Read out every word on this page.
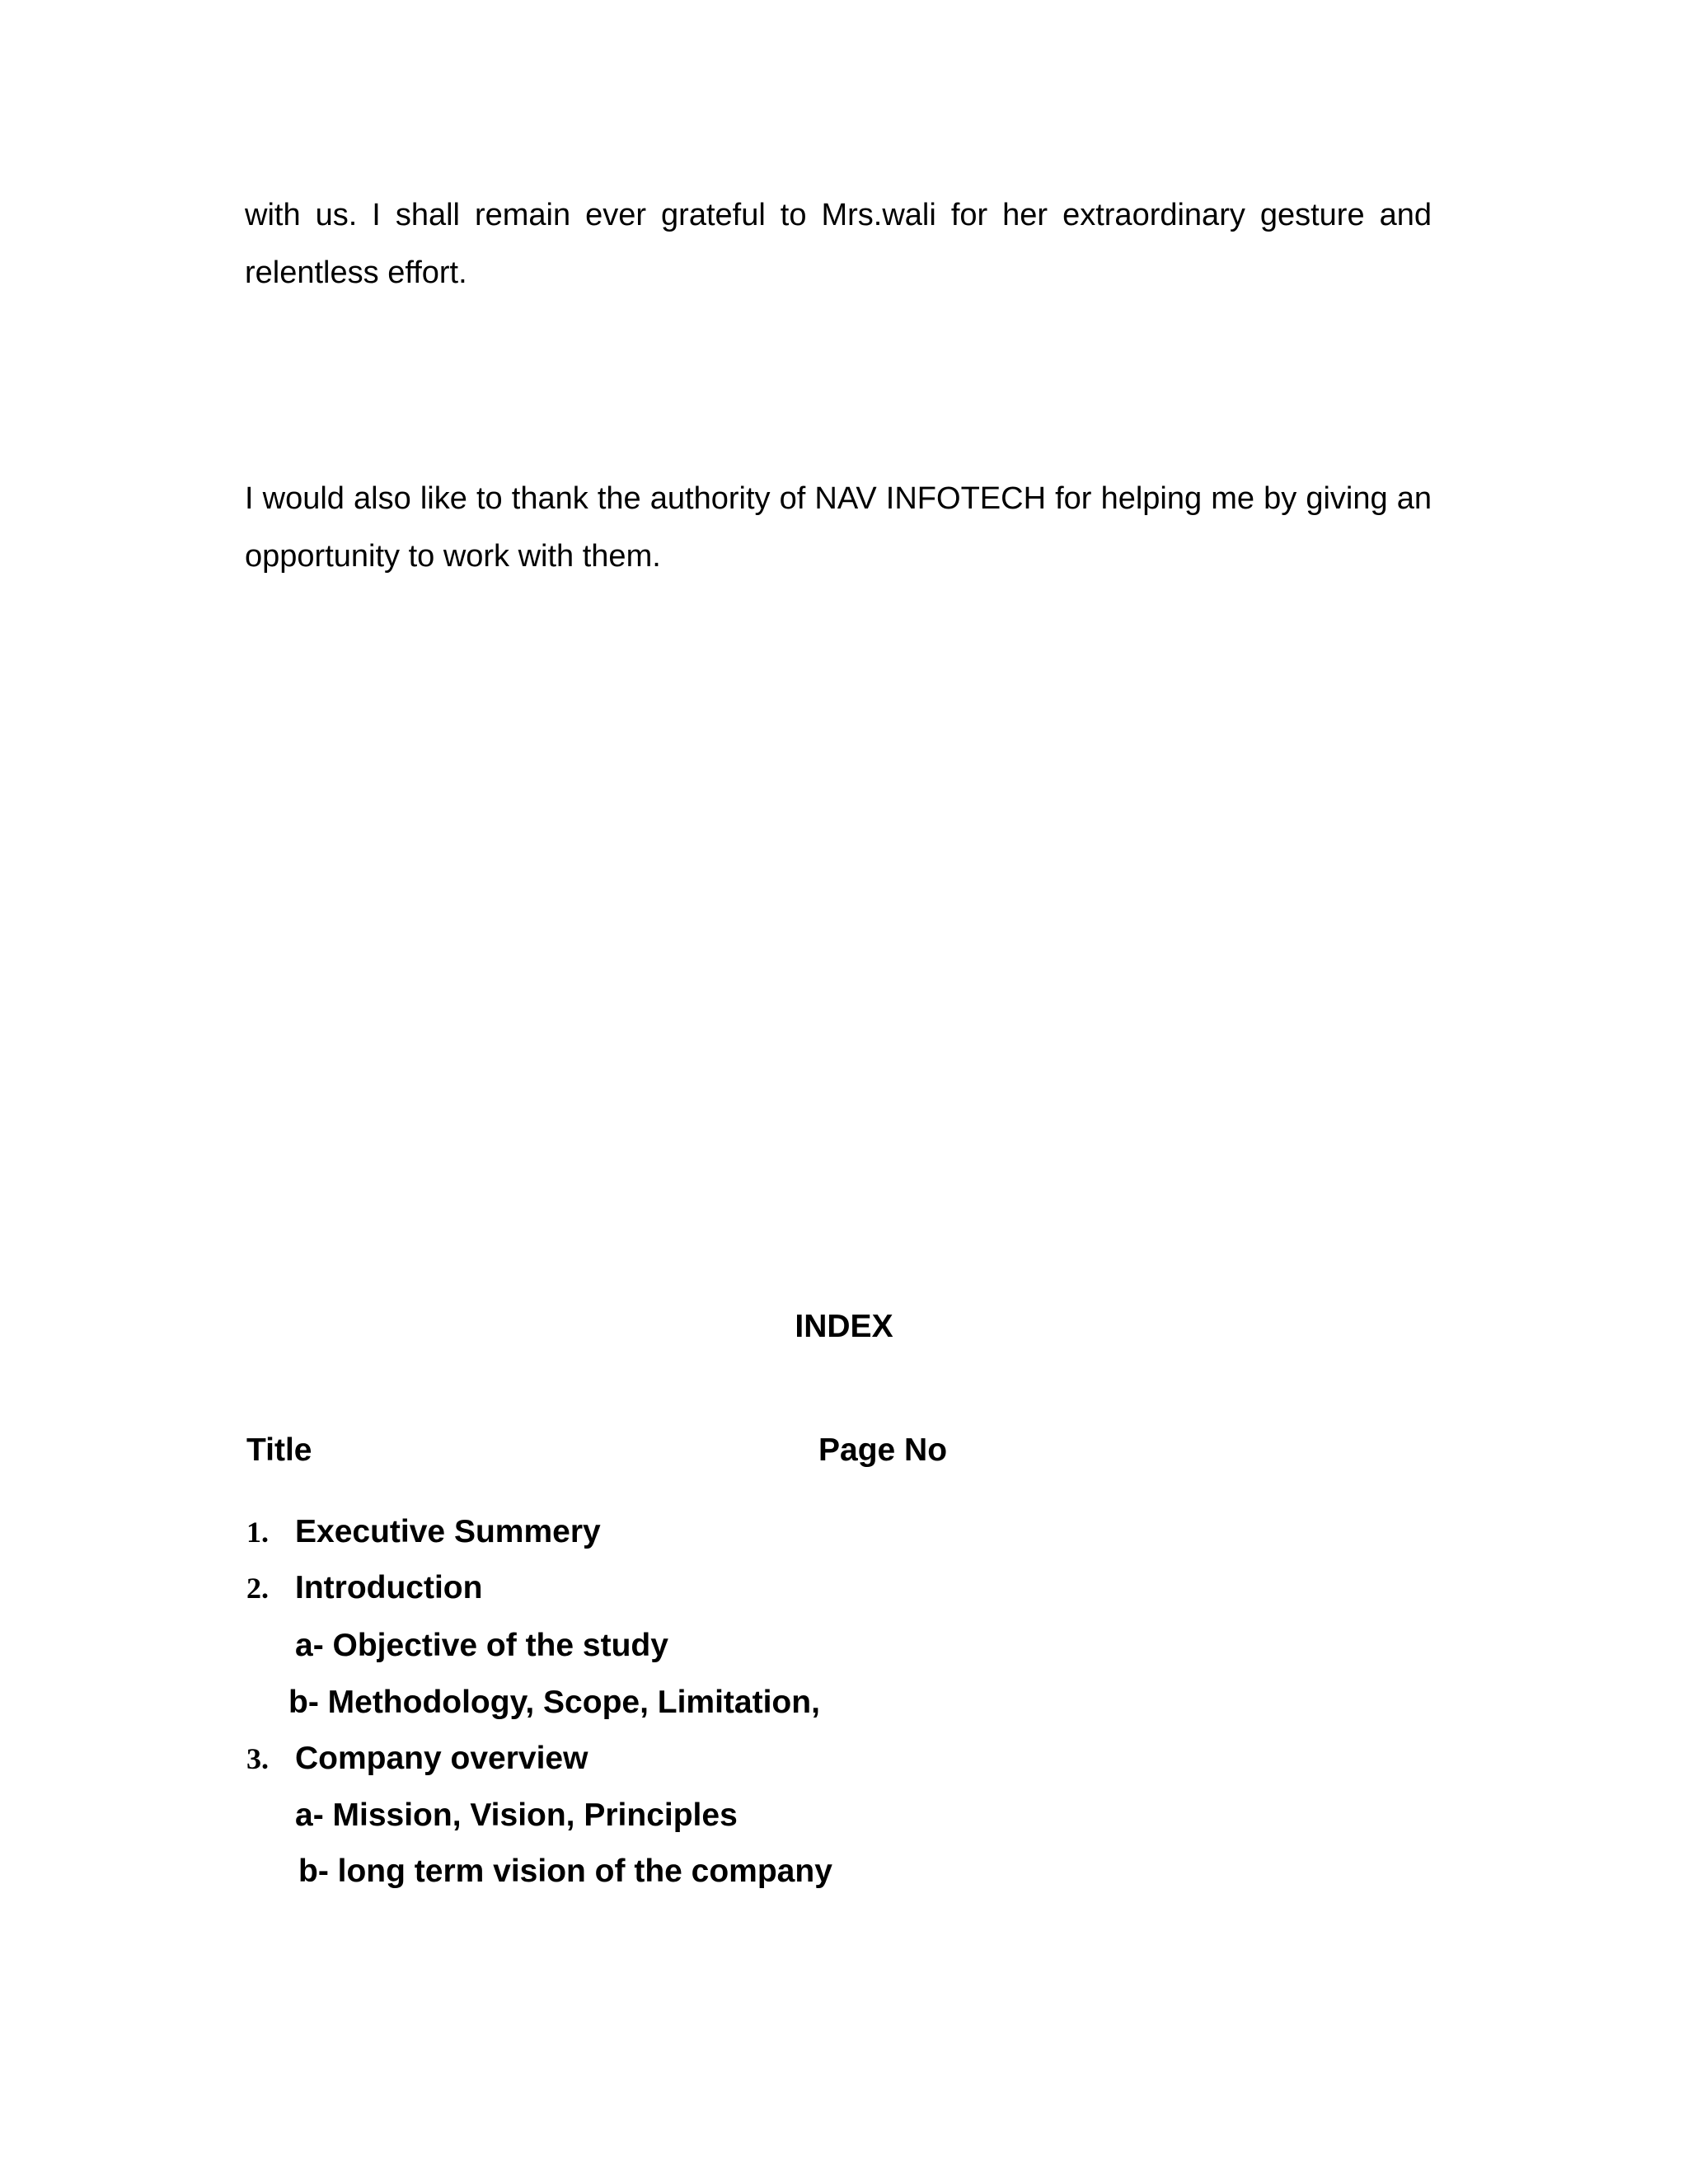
with us. I shall remain ever grateful to Mrs.wali for her extraordinary gesture and relentless effort.

I would also like to thank the authority of NAV INFOTECH for helping me by giving an opportunity to work with them.

INDEX
Title	Page No
1. Executive Summery
2. Introduction
a- Objective of the study
b- Methodology, Scope, Limitation,
3. Company overview
a- Mission, Vision, Principles
b- long term vision of the company
